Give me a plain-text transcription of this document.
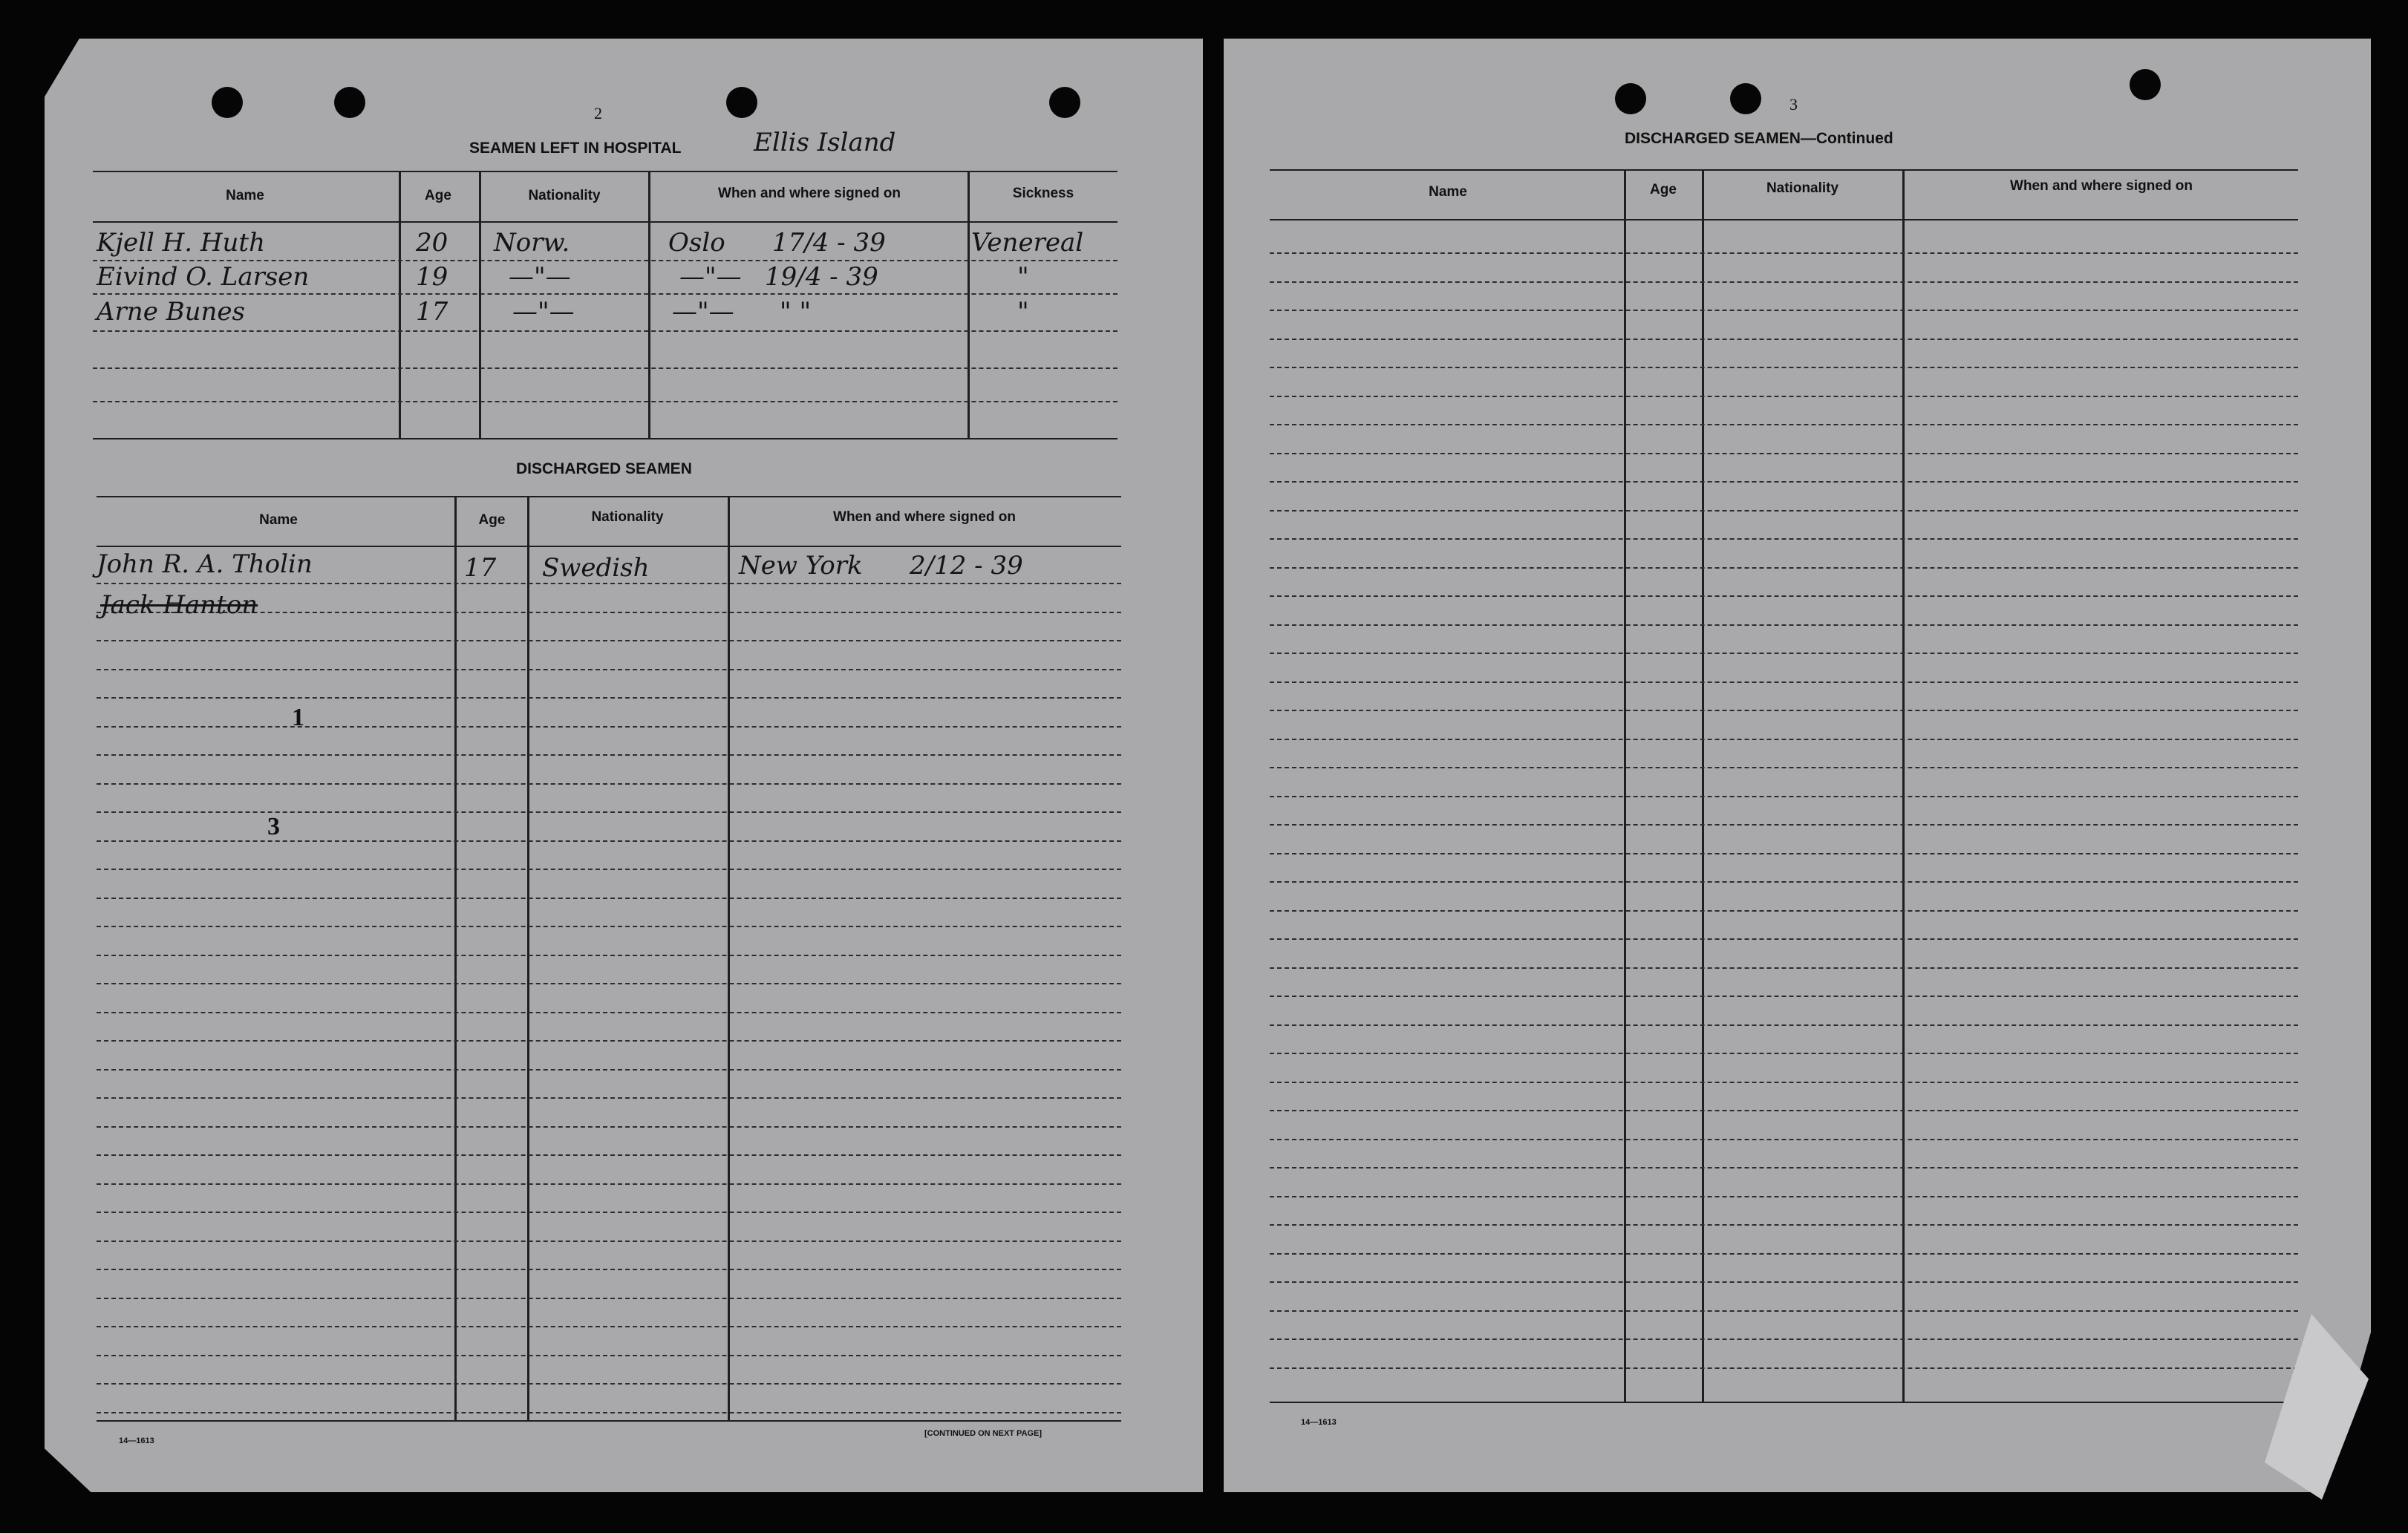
2
SEAMEN LEFT IN HOSPITAL	Ellis Island
Name	Age	Nationality	When and where signed on	Sickness
Kjell H. Huth	20 Norw.	Oslo 17/4 - 39	Venereal
Eivind O. Larsen	19 —"—	—"— 19/4 - 39	"
Arne Bunes	17	—"—	—"— " "	"
DISCHARGED SEAMEN
Name	Age	Nationality	When and where signed on
John R. A. Tholin	17 Swedish	New York 2/12 - 39
Jack Hanton
1
3
14—1613
[CONTINUED ON NEXT PAGE]
3
DISCHARGED SEAMEN—Continued
Name	Age	Nationality	When and where signed on
14—1613
